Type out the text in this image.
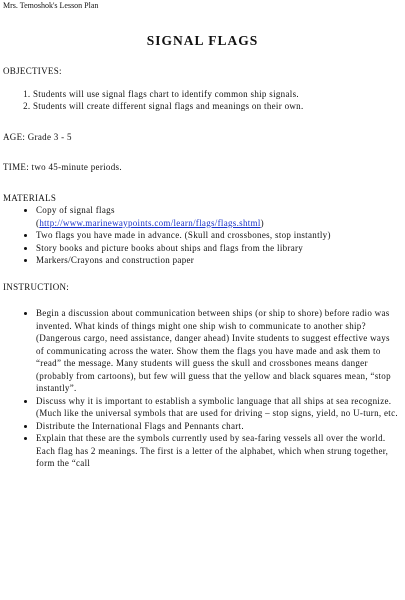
Mrs. Temoshok's Lesson Plan
SIGNAL FLAGS

OBJECTIVES:

1. Students will use signal flags chart to identify common ship signals.
2. Students will create different signal flags and meanings on their own.

AGE: Grade 3 - 5

TIME: two 45-minute periods.

MATERIALS

• Copy of signal flags
(http://www.marinewaypoints.com/learn/flags/flags.shtml)
• Two flags you have made in advance. (Skull and crossbones, stop instantly)
• Story books and picture books about ships and flags from the library
• Markers/Crayons and construction paper

INSTRUCTION:

• Begin a discussion about communication between ships (or ship to shore) before radio was invented. What kinds of things might one ship wish to communicate to another ship? (Dangerous cargo, need assistance, danger ahead) Invite students to suggest effective ways of communicating across the water. Show them the flags you have made and ask them to “read” the message. Many students will guess the skull and crossbones means danger (probably from cartoons), but few will guess that the yellow and black squares mean, “stop instantly”.
• Discuss why it is important to establish a symbolic language that all ships at sea recognize. (Much like the universal symbols that are used for driving – stop signs, yield, no U-turn, etc.
• Distribute the International Flags and Pennants chart.
• Explain that these are the symbols currently used by sea-faring vessels all over the world. Each flag has 2 meanings. The first is a letter of the alphabet, which when strung together, form the “call
